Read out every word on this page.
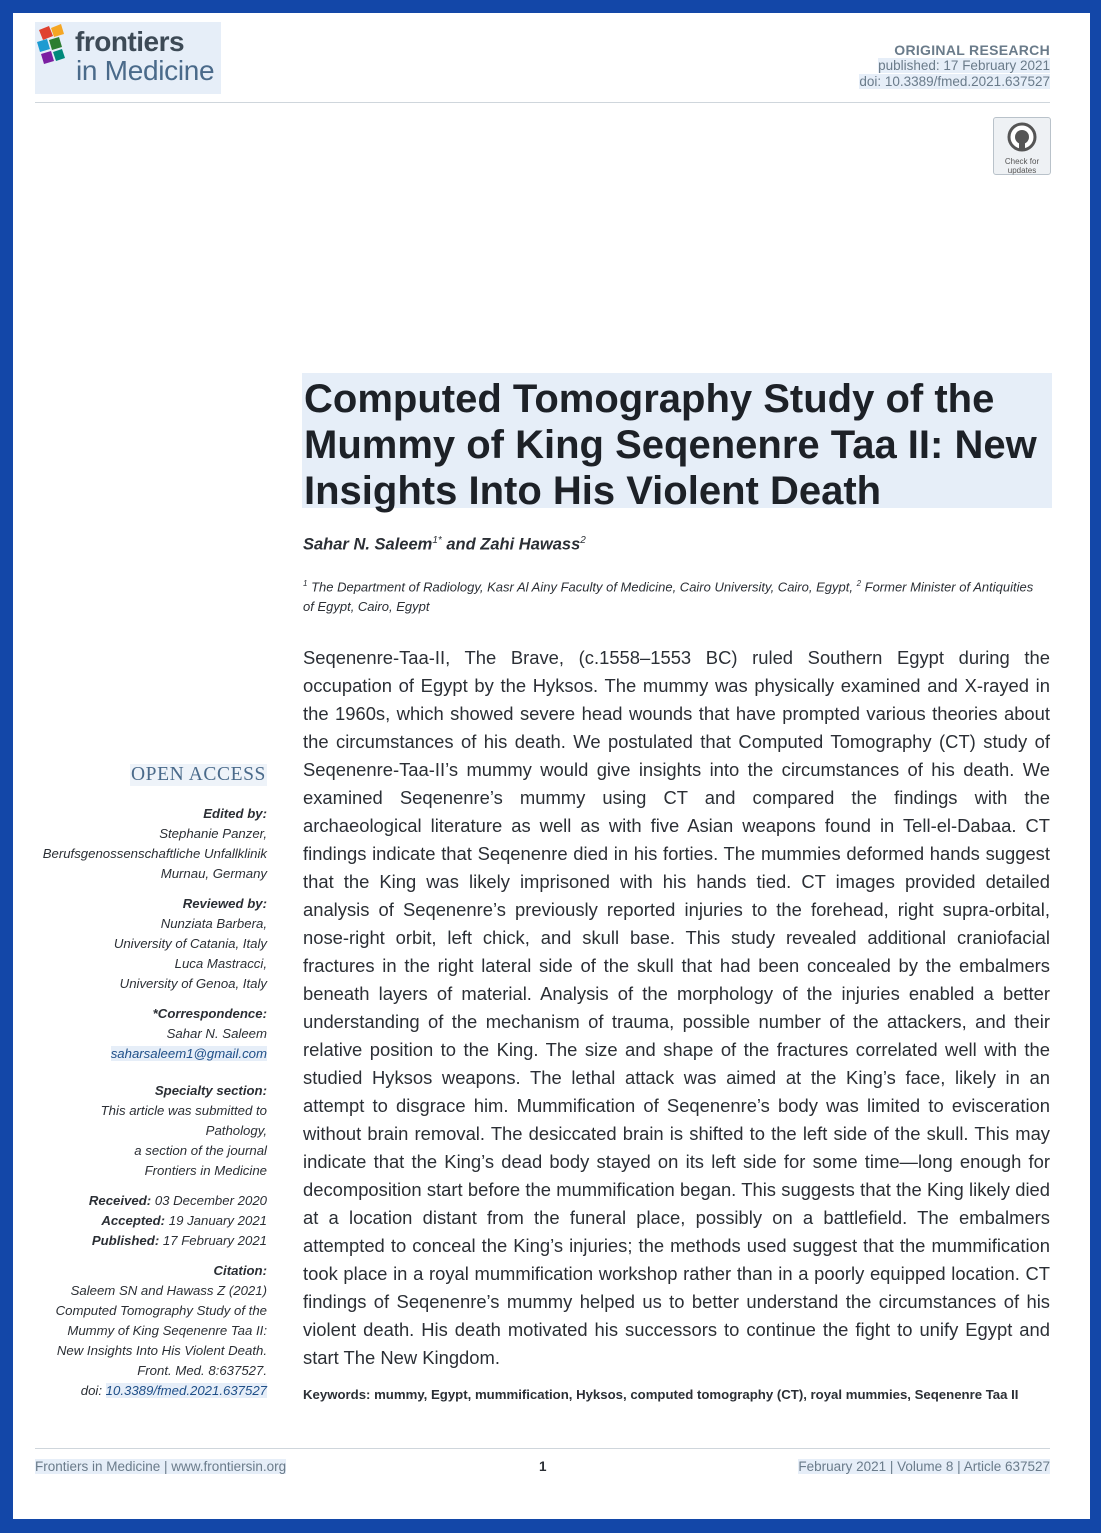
frontiers
in Medicine
ORIGINAL RESEARCH
published: 17 February 2021
doi: 10.3389/fmed.2021.637527
Check for
updates
Computed Tomography Study of the Mummy of King Seqenenre Taa II: New Insights Into His Violent Death
Sahar N. Saleem$^{1*}$ and Zahi Hawass$^2$
$^1$ The Department of Radiology, Kasr Al Ainy Faculty of Medicine, Cairo University, Cairo, Egypt, $^2$ Former Minister of Antiquities of Egypt, Cairo, Egypt
Seqenenre-Taa-II, The Brave, (c.1558–1553 BC) ruled Southern Egypt during the occupation of Egypt by the Hyksos. The mummy was physically examined and X-rayed in the 1960s, which showed severe head wounds that have prompted various theories about the circumstances of his death. We postulated that Computed Tomography (CT) study of Seqenenre-Taa-II’s mummy would give insights into the circumstances of his death. We examined Seqenenre’s mummy using CT and compared the findings with the archaeological literature as well as with five Asian weapons found in Tell-el-Dabaa. CT findings indicate that Seqenenre died in his forties. The mummies deformed hands suggest that the King was likely imprisoned with his hands tied. CT images provided detailed analysis of Seqenenre’s previously reported injuries to the forehead, right supra-orbital, nose-right orbit, left chick, and skull base. This study revealed additional craniofacial fractures in the right lateral side of the skull that had been concealed by the embalmers beneath layers of material. Analysis of the morphology of the injuries enabled a better understanding of the mechanism of trauma, possible number of the attackers, and their relative position to the King. The size and shape of the fractures correlated well with the studied Hyksos weapons. The lethal attack was aimed at the King’s face, likely in an attempt to disgrace him. Mummification of Seqenenre’s body was limited to evisceration without brain removal. The desiccated brain is shifted to the left side of the skull. This may indicate that the King’s dead body stayed on its left side for some time—long enough for decomposition start before the mummification began. This suggests that the King likely died at a location distant from the funeral place, possibly on a battlefield. The embalmers attempted to conceal the King’s injuries; the methods used suggest that the mummification took place in a royal mummification workshop rather than in a poorly equipped location. CT findings of Seqenenre’s mummy helped us to better understand the circumstances of his violent death. His death motivated his successors to continue the fight to unify Egypt and start The New Kingdom.
Keywords: mummy, Egypt, mummification, Hyksos, computed tomography (CT), royal mummies, Seqenenre Taa II
OPEN ACCESS
Edited by:
Stephanie Panzer,
Berufsgenossenschaftliche Unfallklinik
Murnau, Germany
Reviewed by:
Nunziata Barbera,
University of Catania, Italy
Luca Mastracci,
University of Genoa, Italy
*Correspondence:
Sahar N. Saleem
saharsaleem1@gmail.com
Specialty section:
This article was submitted to
Pathology,
a section of the journal
Frontiers in Medicine
Received: 03 December 2020
Accepted: 19 January 2021
Published: 17 February 2021
Citation:
Saleem SN and Hawass Z (2021)
Computed Tomography Study of the
Mummy of King Seqenenre Taa II:
New Insights Into His Violent Death.
Front. Med. 8:637527.
doi: 10.3389/fmed.2021.637527
Frontiers in Medicine | www.frontiersin.org	1	February 2021 | Volume 8 | Article 637527
